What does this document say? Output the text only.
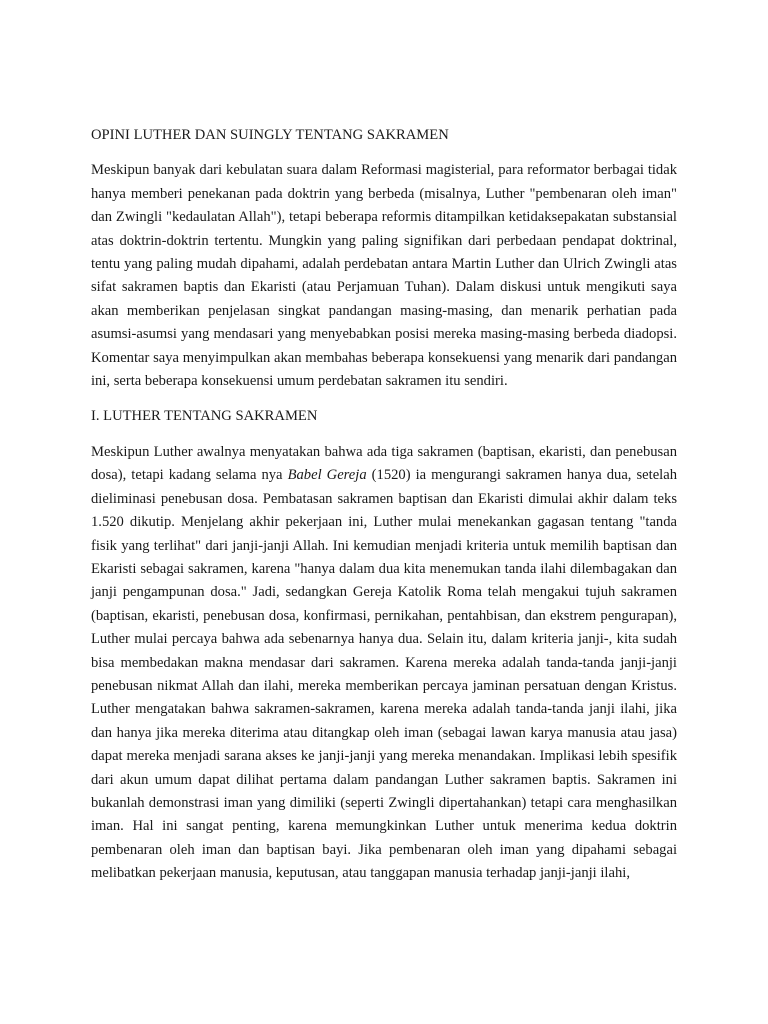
OPINI LUTHER DAN SUINGLY TENTANG SAKRAMEN

Meskipun banyak dari kebulatan suara dalam Reformasi magisterial, para reformator berbagai tidak hanya memberi penekanan pada doktrin yang berbeda (misalnya, Luther "pembenaran oleh iman" dan Zwingli "kedaulatan Allah"), tetapi beberapa reformis ditampilkan ketidaksepakatan substansial atas doktrin-doktrin tertentu. Mungkin yang paling signifikan dari perbedaan pendapat doktrinal, tentu yang paling mudah dipahami, adalah perdebatan antara Martin Luther dan Ulrich Zwingli atas sifat sakramen baptis dan Ekaristi (atau Perjamuan Tuhan). Dalam diskusi untuk mengikuti saya akan memberikan penjelasan singkat pandangan masing-masing, dan menarik perhatian pada asumsi-asumsi yang mendasari yang menyebabkan posisi mereka masing-masing berbeda diadopsi. Komentar saya menyimpulkan akan membahas beberapa konsekuensi yang menarik dari pandangan ini, serta beberapa konsekuensi umum perdebatan sakramen itu sendiri.

I. LUTHER TENTANG SAKRAMEN

Meskipun Luther awalnya menyatakan bahwa ada tiga sakramen (baptisan, ekaristi, dan penebusan dosa), tetapi kadang selama nya Babel Gereja (1520) ia mengurangi sakramen hanya dua, setelah dieliminasi penebusan dosa. Pembatasan sakramen baptisan dan Ekaristi dimulai akhir dalam teks 1.520 dikutip. Menjelang akhir pekerjaan ini, Luther mulai menekankan gagasan tentang "tanda fisik yang terlihat" dari janji-janji Allah. Ini kemudian menjadi kriteria untuk memilih baptisan dan Ekaristi sebagai sakramen, karena "hanya dalam dua kita menemukan tanda ilahi dilembagakan dan janji pengampunan dosa." Jadi, sedangkan Gereja Katolik Roma telah mengakui tujuh sakramen (baptisan, ekaristi, penebusan dosa, konfirmasi, pernikahan, pentahbisan, dan ekstrem pengurapan), Luther mulai percaya bahwa ada sebenarnya hanya dua. Selain itu, dalam kriteria janji-, kita sudah bisa membedakan makna mendasar dari sakramen. Karena mereka adalah tanda-tanda janji-janji penebusan nikmat Allah dan ilahi, mereka memberikan percaya jaminan persatuan dengan Kristus. Luther mengatakan bahwa sakramen-sakramen, karena mereka adalah tanda-tanda janji ilahi, jika dan hanya jika mereka diterima atau ditangkap oleh iman (sebagai lawan karya manusia atau jasa) dapat mereka menjadi sarana akses ke janji-janji yang mereka menandakan. Implikasi lebih spesifik dari akun umum dapat dilihat pertama dalam pandangan Luther sakramen baptis. Sakramen ini bukanlah demonstrasi iman yang dimiliki (seperti Zwingli dipertahankan) tetapi cara menghasilkan iman. Hal ini sangat penting, karena memungkinkan Luther untuk menerima kedua doktrin pembenaran oleh iman dan baptisan bayi. Jika pembenaran oleh iman yang dipahami sebagai melibatkan pekerjaan manusia, keputusan, atau tanggapan manusia terhadap janji-janji ilahi,
